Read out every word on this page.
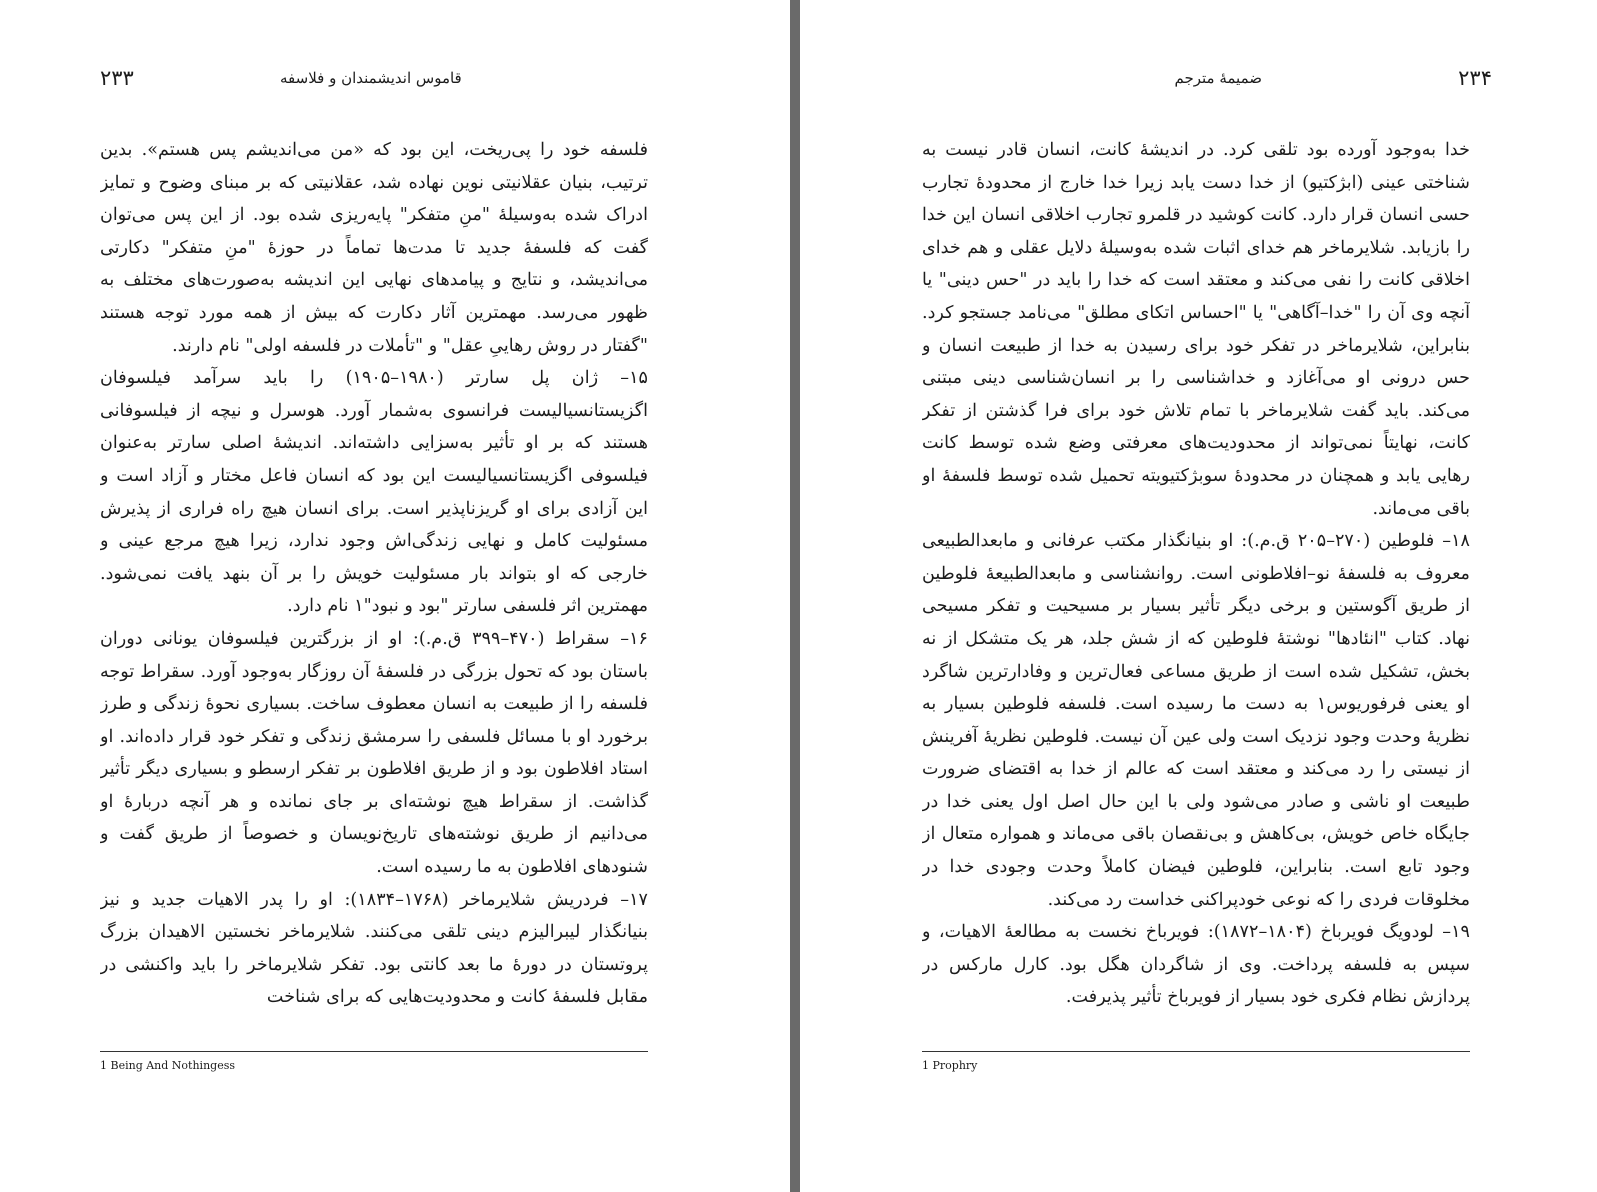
۲۳۳	قاموس اندیشمندان و فلاسفه

فلسفه خود را پی‌ریخت، این بود که «من می‌اندیشم پس هستم». بدین ترتیب، بنیان عقلانیتی نوین نهاده شد، عقلانیتی که بر مبنای وضوح و تمایز ادراک شده به‌وسیلهٔ "منِ متفکر" پایه‌ریزی شده بود. از این پس می‌توان گفت که فلسفهٔ جدید تا مدت‌ها تماماً در حوزهٔ "منِ متفکر" دکارتی می‌اندیشد، و نتایج و پیامدهای نهایی این اندیشه به‌صورت‌های مختلف به ظهور می‌رسد. مهمترین آثار دکارت که بیش از همه مورد توجه هستند "گفتار در روش رهاییِ عقل" و "تأملات در فلسفه اولی" نام دارند.

۱۵– ژان پل سارتر (۱۹۸۰–۱۹۰۵) را باید سرآمد فیلسوفان اگزیستانسیالیست فرانسوی به‌شمار آورد. هوسرل و نیچه از فیلسوفانی هستند که بر او تأثیر به‌سزایی داشته‌اند. اندیشهٔ اصلی سارتر به‌عنوان فیلسوفی اگزیستانسیالیست این بود که انسان فاعل مختار و آزاد است و این آزادی برای او گریزناپذیر است. برای انسان هیچ راه فراری از پذیرش مسئولیت کامل و نهایی زندگی‌اش وجود ندارد، زیرا هیچ مرجع عینی و خارجی که او بتواند بار مسئولیت خویش را بر آن بنهد یافت نمی‌شود. مهمترین اثر فلسفی سارتر "بود و نبود"۱ نام دارد.

۱۶– سقراط (۴۷۰–۳۹۹ ق.م.): او از بزرگترین فیلسوفان یونانی دوران باستان بود که تحول بزرگی در فلسفهٔ آن روزگار به‌وجود آورد. سقراط توجه فلسفه را از طبیعت به انسان معطوف ساخت. بسیاری نحوهٔ زندگی و طرز برخورد او با مسائل فلسفی را سرمشق زندگی و تفکر خود قرار داده‌اند. او استاد افلاطون بود و از طریق افلاطون بر تفکر ارسطو و بسیاری دیگر تأثیر گذاشت. از سقراط هیچ نوشته‌ای بر جای نمانده و هر آنچه دربارهٔ او می‌دانیم از طریق نوشته‌های تاریخ‌نویسان و خصوصاً از طریق گفت و شنودهای افلاطون به ما رسیده است.

۱۷– فردریش شلایرماخر (۱۷۶۸–۱۸۳۴): او را پدر الاهیات جدید و نیز بنیانگذار لیبرالیزم دینی تلقی می‌کنند. شلایرماخر نخستین الاهیدان بزرگ پروتستان در دورهٔ ما بعد کانتی بود. تفکر شلایرماخر را باید واکنشی در مقابل فلسفهٔ کانت و محدودیت‌هایی که برای شناخت

1 Being And Nothingess
۲۳۴
ضمیمهٔ مترجم

خدا به‌وجود آورده بود تلقی کرد. در اندیشهٔ کانت، انسان قادر نیست به شناختی عینی (ابژکتیو) از خدا دست یابد زیرا خدا خارج از محدودهٔ تجارب حسی انسان قرار دارد. کانت کوشید در قلمرو تجارب اخلاقی انسان این خدا را بازیابد. شلایرماخر هم خدای اثبات شده به‌وسیلهٔ دلایل عقلی و هم خدای اخلاقی کانت را نفی می‌کند و معتقد است که خدا را باید در "حس دینی" یا آنچه وی آن را "خدا–آگاهی" یا "احساس اتکای مطلق" می‌نامد جستجو کرد. بنابراین، شلایرماخر در تفکر خود برای رسیدن به خدا از طبیعت انسان و حس درونی او می‌آغازد و خداشناسی را بر انسان‌شناسی دینی مبتنی می‌کند. باید گفت شلایرماخر با تمام تلاش خود برای فرا گذشتن از تفکر کانت، نهایتاً نمی‌تواند از محدودیت‌های معرفتی وضع شده توسط کانت رهایی یابد و همچنان در محدودهٔ سوبژکتیویته تحمیل شده توسط فلسفهٔ او باقی می‌ماند.

۱۸– فلوطین (۲۷۰–۲۰۵ ق.م.): او بنیانگذار مکتب عرفانی و مابعدالطبیعی معروف به فلسفهٔ نو–افلاطونی است. روانشناسی و مابعدالطبیعهٔ فلوطین از طریق آگوستین و برخی دیگر تأثیر بسیار بر مسیحیت و تفکر مسیحی نهاد. کتاب "انئادها" نوشتهٔ فلوطین که از شش جلد، هر یک متشکل از نه بخش، تشکیل شده است از طریق مساعی فعال‌ترین و وفادارترین شاگرد او یعنی فرفوریوس۱ به دست ما رسیده است. فلسفه فلوطین بسیار به نظریهٔ وحدت وجود نزدیک است ولی عین آن نیست. فلوطین نظریهٔ آفرینش از نیستی را رد می‌کند و معتقد است که عالم از خدا به اقتضای ضرورت طبیعت او ناشی و صادر می‌شود ولی با این حال اصل اول یعنی خدا در جایگاه خاص خویش، بی‌کاهش و بی‌نقصان باقی می‌ماند و همواره متعال از وجود تابع است. بنابراین، فلوطین فیضان کاملاً وحدت وجودی خدا در مخلوقات فردی را که نوعی خودپراکنی خداست رد می‌کند.

۱۹– لودویگ فویرباخ (۱۸۰۴–۱۸۷۲): فویرباخ نخست به مطالعهٔ الاهیات، و سپس به فلسفه پرداخت. وی از شاگردان هگل بود. کارل مارکس در پردازش نظام فکری خود بسیار از فویرباخ تأثیر پذیرفت.

1 Prophry
